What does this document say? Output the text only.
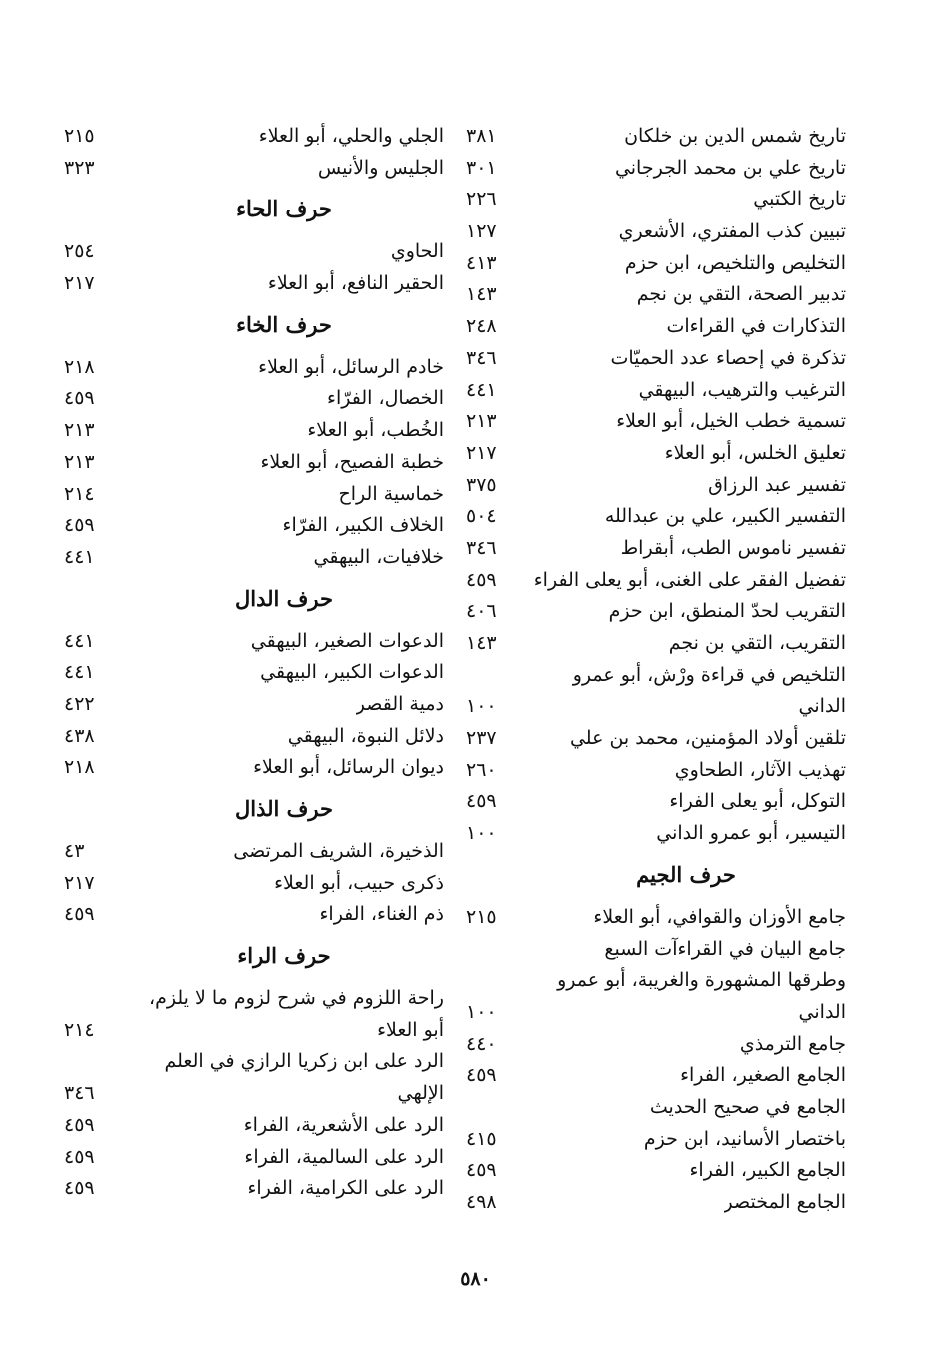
تاريخ شمس الدين بن خلكان
٣٨١
تاريخ علي بن محمد الجرجاني
٣٠١
تاريخ الكتبي
٢٢٦
تبيين كذب المفتري، الأشعري
١٢٧
التخليص والتلخيص، ابن حزم
٤١٣
تدبير الصحة، التقي بن نجم
١٤٣
التذكارات في القراءات
٢٤٨
تذكرة في إحصاء عدد الحميّات
٣٤٦
الترغيب والترهيب، البيهقي
٤٤١
تسمية خطب الخيل، أبو العلاء
٢١٣
تعليق الخلس، أبو العلاء
٢١٧
تفسير عبد الرزاق
٣٧٥
التفسير الكبير، علي بن عبدالله
٥٠٤
تفسير ناموس الطب، أبقراط
٣٤٦
تفضيل الفقر على الغنى، أبو يعلى الفراء
٤٥٩
التقريب لحدّ المنطق، ابن حزم
٤٠٦
التقريب، التقي بن نجم
١٤٣
التلخيص في قراءة ورْش، أبو عمرو
الداني
١٠٠
تلقين أولاد المؤمنين، محمد بن علي
٢٣٧
تهذيب الآثار، الطحاوي
٢٦٠
التوكل، أبو يعلى الفراء
٤٥٩
التيسير، أبو عمرو الداني
١٠٠
حرف الجيم
جامع الأوزان والقوافي، أبو العلاء
٢١٥
جامع البيان في القراءآت السبع
وطرقها المشهورة والغريبة، أبو عمرو
الداني
١٠٠
جامع الترمذي
٤٤٠
الجامع الصغير، الفراء
٤٥٩
الجامع في صحيح الحديث
باختصار الأسانيد، ابن حزم
٤١٥
الجامع الكبير، الفراء
٤٥٩
الجامع المختصر
٤٩٨
الجلي والحلي، أبو العلاء
٢١٥
الجليس والأنيس
٣٢٣
حرف الحاء
الحاوي
٢٥٤
الحقير النافع، أبو العلاء
٢١٧
حرف الخاء
خادم الرسائل، أبو العلاء
٢١٨
الخصال، الفرّاء
٤٥٩
الخُطب، أبو العلاء
٢١٣
خطبة الفصيح، أبو العلاء
٢١٣
خماسية الراح
٢١٤
الخلاف الكبير، الفرّاء
٤٥٩
خلافيات، البيهقي
٤٤١
حرف الدال
الدعوات الصغير، البيهقي
٤٤١
الدعوات الكبير، البيهقي
٤٤١
دمية القصر
٤٢٢
دلائل النبوة، البيهقي
٤٣٨
ديوان الرسائل، أبو العلاء
٢١٨
حرف الذال
الذخيرة، الشريف المرتضى
٤٣
ذكرى حبيب، أبو العلاء
٢١٧
ذم الغناء، الفراء
٤٥٩
حرف الراء
راحة اللزوم في شرح لزوم ما لا يلزم،
أبو العلاء
٢١٤
الرد على ابن زكريا الرازي في العلم
الإلهي
٣٤٦
الرد على الأشعرية، الفراء
٤٥٩
الرد على السالمية، الفراء
٤٥٩
الرد على الكرامية، الفراء
٤٥٩
٥٨٠
